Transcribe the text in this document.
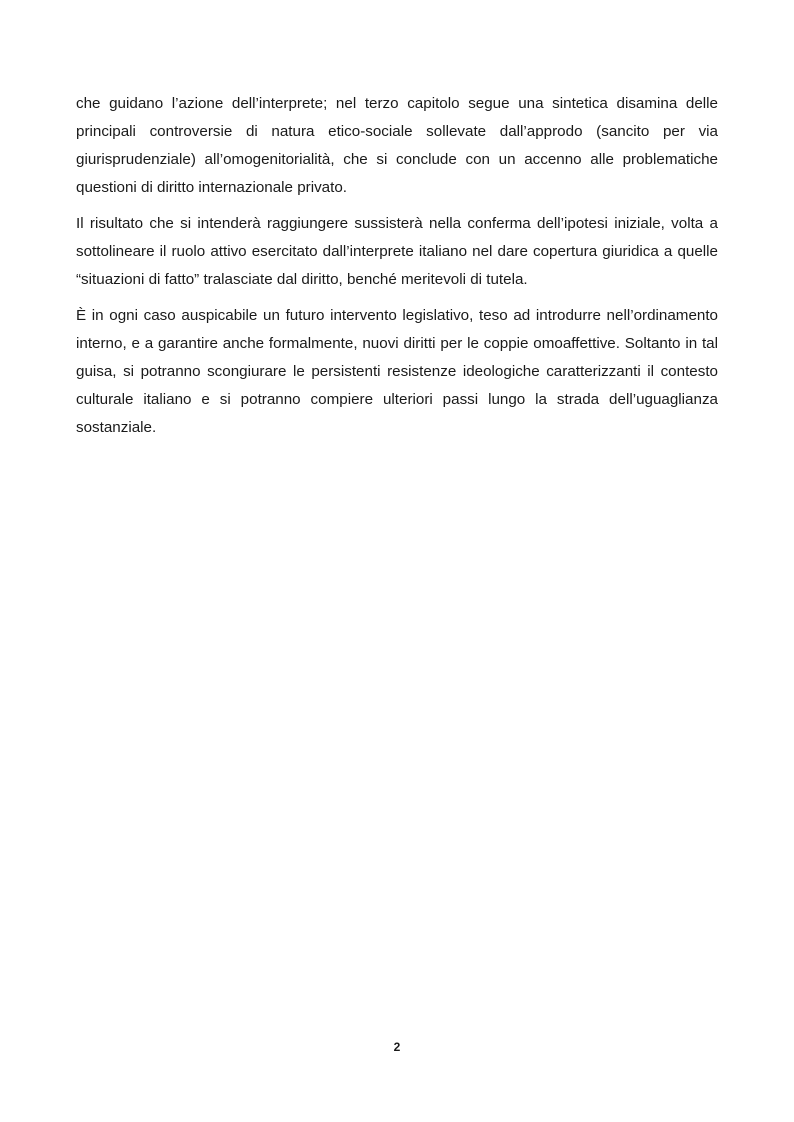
che guidano l’azione dell’interprete; nel terzo capitolo segue una sintetica disamina delle principali controversie di natura etico-sociale sollevate dall’approdo (sancito per via giurisprudenziale) all’omogenitorialità, che si conclude con un accenno alle problematiche questioni di diritto internazionale privato.

Il risultato che si intenderà raggiungere sussisterà nella conferma dell’ipotesi iniziale, volta a sottolineare il ruolo attivo esercitato dall’interprete italiano nel dare copertura giuridica a quelle “situazioni di fatto” tralasciate dal diritto, benché meritevoli di tutela.

È in ogni caso auspicabile un futuro intervento legislativo, teso ad introdurre nell’ordinamento interno, e a garantire anche formalmente, nuovi diritti per le coppie omoaffettive. Soltanto in tal guisa, si potranno scongiurare le persistenti resistenze ideologiche caratterizzanti il contesto culturale italiano e si potranno compiere ulteriori passi lungo la strada dell’uguaglianza sostanziale.

2
